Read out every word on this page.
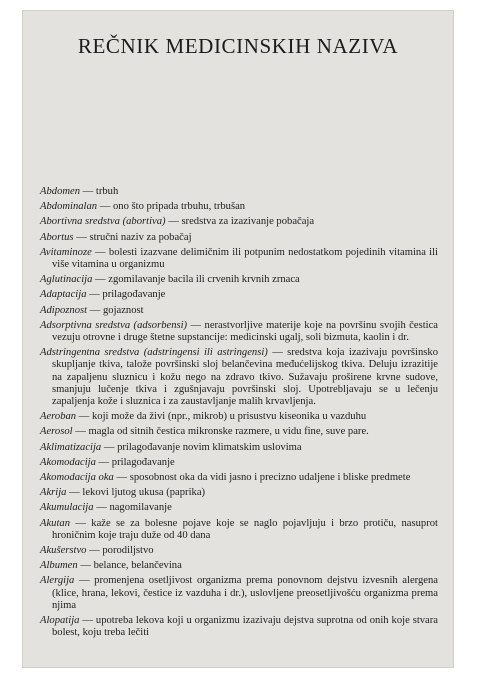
REČNIK MEDICINSKIH NAZIVA

Abdomen — trbuh

Abdominalan — ono što pripada trbuhu, trbušan

Abortivna sredstva (abortiva) — sredstva za izazivanje pobačaja

Abortus — stručni naziv za pobačaj

Avitaminoze — bolesti izazvane delimičnim ili potpunim nedostatkom pojedinih vitamina ili više vitamina u organizmu

Aglutinacija — zgomilavanje bacila ili crvenih krvnih zrnaca

Adaptacija — prilagođavanje

Adipoznost — gojaznost

Adsorptivna sredstva (adsorbensi) — nerastvorljive materije koje na površinu svojih čestica vezuju otrovne i druge štetne supstancije: medicinski ugalj, soli bizmuta, kaolin i dr.

Adstringentna sredstva (adstringensi ili astringensi) — sredstva koja izazivaju površinsko skupljanje tkiva, talože površinski sloj belančevina međućelijskog tkiva. Deluju izrazitije na zapaljenu sluznicu i kožu nego na zdravo tkivo. Sužavaju proširene krvne sudove, smanjuju lučenje tkiva i zgušnjavaju površinski sloj. Upotrebljavaju se u lečenju zapaljenja kože i sluznica i za zaustavljanje malih krvavljenja.

Aeroban — koji može da živi (npr., mikrob) u prisustvu kiseonika u vazduhu

Aerosol — magla od sitnih čestica mikronske razmere, u vidu fine, suve pare.

Aklimatizacija — prilagođavanje novim klimatskim uslovima

Akomodacija — prilagođavanje

Akomodacija oka — sposobnost oka da vidi jasno i precizno udaljene i bliske predmete

Akrija — lekovi ljutog ukusa (paprika)

Akumulacija — nagomilavanje

Akutan — kaže se za bolesne pojave koje se naglo pojavljuju i brzo protiču, nasuprot hroničnim koje traju duže od 40 dana

Akušerstvo — porodiljstvo

Albumen — belance, belančevina

Alergija — promenjena osetljivost organizma prema ponovnom dejstvu izvesnih alergena (klice, hrana, lekovi, čestice iz vazduha i dr.), uslovljene preosetljivošću organizma prema njima

Alopatija — upotreba lekova koji u organizmu izazivaju dejstva suprotna od onih koje stvara bolest, koju treba lečiti
